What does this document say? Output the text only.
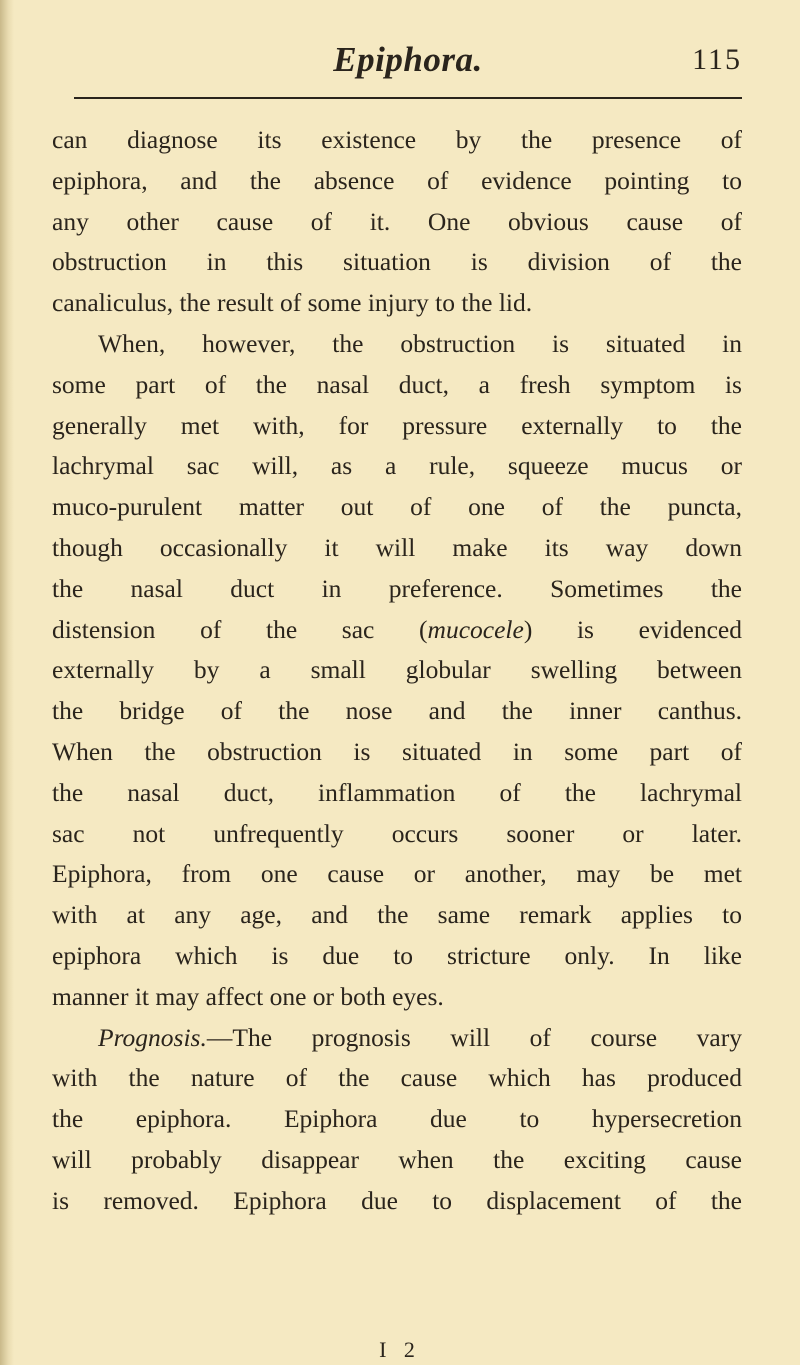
Epiphora.	115
can diagnose its existence by the presence of
epiphora, and the absence of evidence pointing to
any other cause of it. One obvious cause of
obstruction in this situation is division of the
canaliculus, the result of some injury to the lid.
When, however, the obstruction is situated in
some part of the nasal duct, a fresh symptom is
generally met with, for pressure externally to the
lachrymal sac will, as a rule, squeeze mucus or
muco-purulent matter out of one of the puncta,
though occasionally it will make its way down
the nasal duct in preference. Sometimes the
distension of the sac (mucocele) is evidenced
externally by a small globular swelling between
the bridge of the nose and the inner canthus.
When the obstruction is situated in some part of
the nasal duct, inflammation of the lachrymal
sac not unfrequently occurs sooner or later.
Epiphora, from one cause or another, may be met
with at any age, and the same remark applies to
epiphora which is due to stricture only. In like
manner it may affect one or both eyes.
Prognosis.—The prognosis will of course vary
with the nature of the cause which has produced
the epiphora. Epiphora due to hypersecretion
will probably disappear when the exciting cause
is removed. Epiphora due to displacement of the
I 2
